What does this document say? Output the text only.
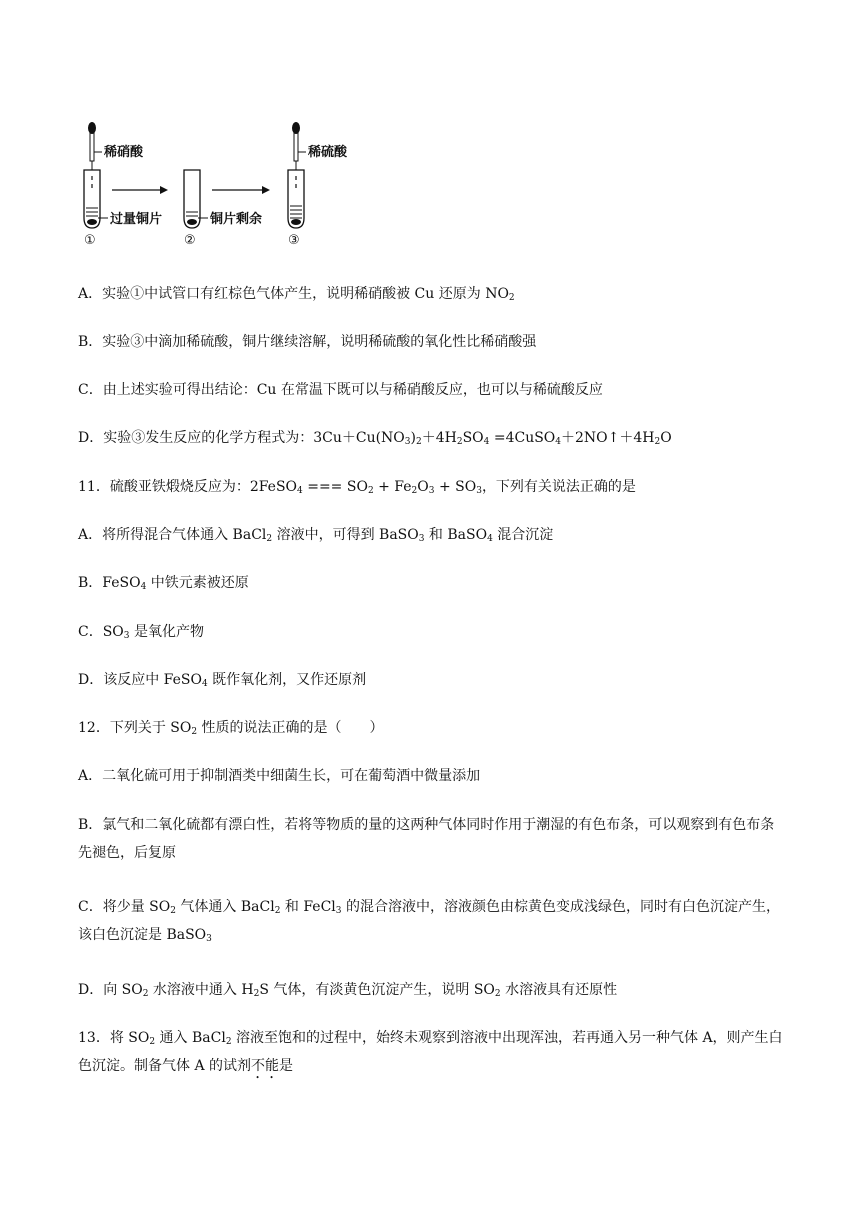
稀硝酸
过量铜片	铜片剩余
稀硫酸
①	②	③
A．实验①中试管口有红棕色气体产生，说明稀硝酸被 Cu 还原为 $NO_2$
B．实验③中滴加稀硫酸，铜片继续溶解，说明稀硫酸的氧化性比稀硝酸强
C．由上述实验可得出结论：Cu 在常温下既可以与稀硝酸反应，也可以与稀硫酸反应
D．实验③发生反应的化学方程式为：$3Cu+Cu(NO_3)_2+4H_2SO_4$ $=4CuSO_4+2NO↑+4H_2O$
11．硫酸亚铁煅烧反应为：2FeSO$_4$ === $SO_2 + Fe_2O_3 + SO_3$，下列有关说法正确的是
A．将所得混合气体通入 BaCl$_2$ 溶液中，可得到 BaSO$_3$ 和 BaSO$_4$ 混合沉淀
B．FeSO$_4$ 中铁元素被还原
C．$SO_3$ 是氧化产物
D．该反应中 FeSO$_4$ 既作氧化剂，又作还原剂
12．下列关于 $SO_2$ 性质的说法正确的是（　　）
A．二氧化硫可用于抑制酒类中细菌生长，可在葡萄酒中微量添加
B．氯气和二氧化硫都有漂白性，若将等物质的量的这两种气体同时作用于潮湿的有色布条，可以观察到有色布条先褪色，后复原
C．将少量 $SO_2$ 气体通入 BaCl$_2$ 和 FeCl$_3$ 的混合溶液中，溶液颜色由棕黄色变成浅绿色，同时有白色沉淀产生，该白色沉淀是 BaSO$_3$
D．向 $SO_2$ 水溶液中通入 $H_2S$ 气体，有淡黄色沉淀产生，说明 $SO_2$ 水溶液具有还原性
13．将 $SO_2$ 通入 BaCl$_2$ 溶液至饱和的过程中，始终未观察到溶液中出现浑浊，若再通入另一种气体 A，则产生白色沉淀。制备气体 A 的试剂不能是
